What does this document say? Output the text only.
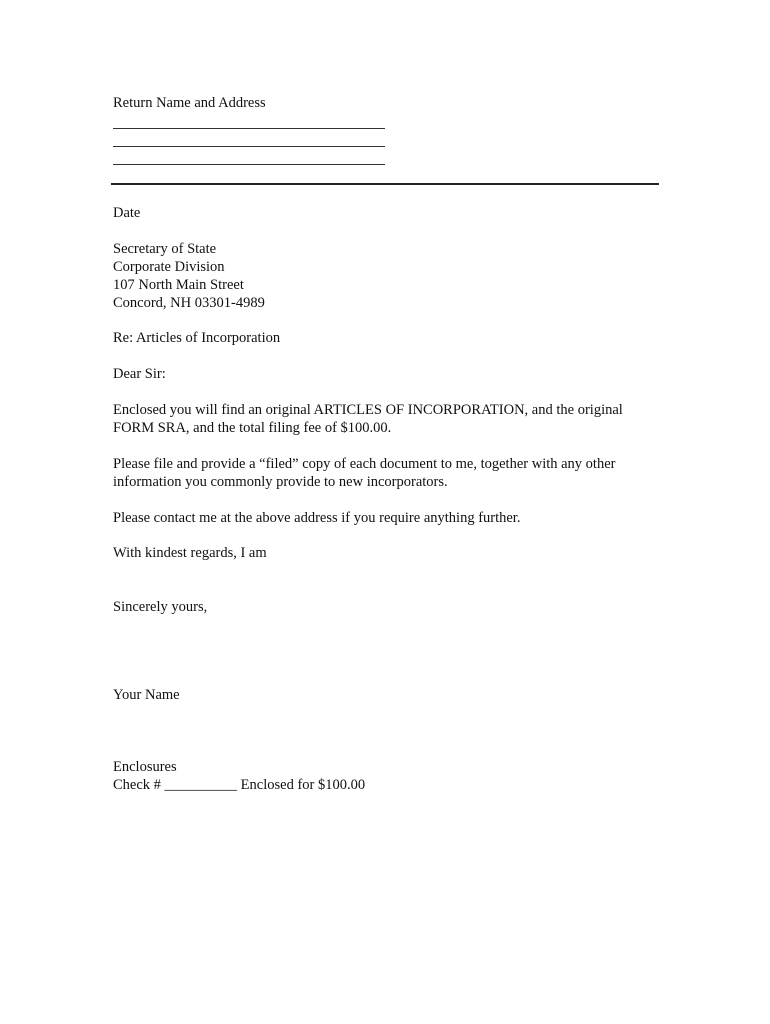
Return Name and Address
Date
Secretary of State
Corporate Division
107 North Main Street
Concord, NH 03301-4989
Re: Articles of Incorporation
Dear Sir:
Enclosed you will find an original ARTICLES OF INCORPORATION, and the original
FORM SRA, and the total filing fee of $100.00.
Please file and provide a “filed” copy of each document to me, together with any other
information you commonly provide to new incorporators.
Please contact me at the above address if you require anything further.
With kindest regards, I am
Sincerely yours,
Your Name
Enclosures
Check # __________ Enclosed for $100.00
